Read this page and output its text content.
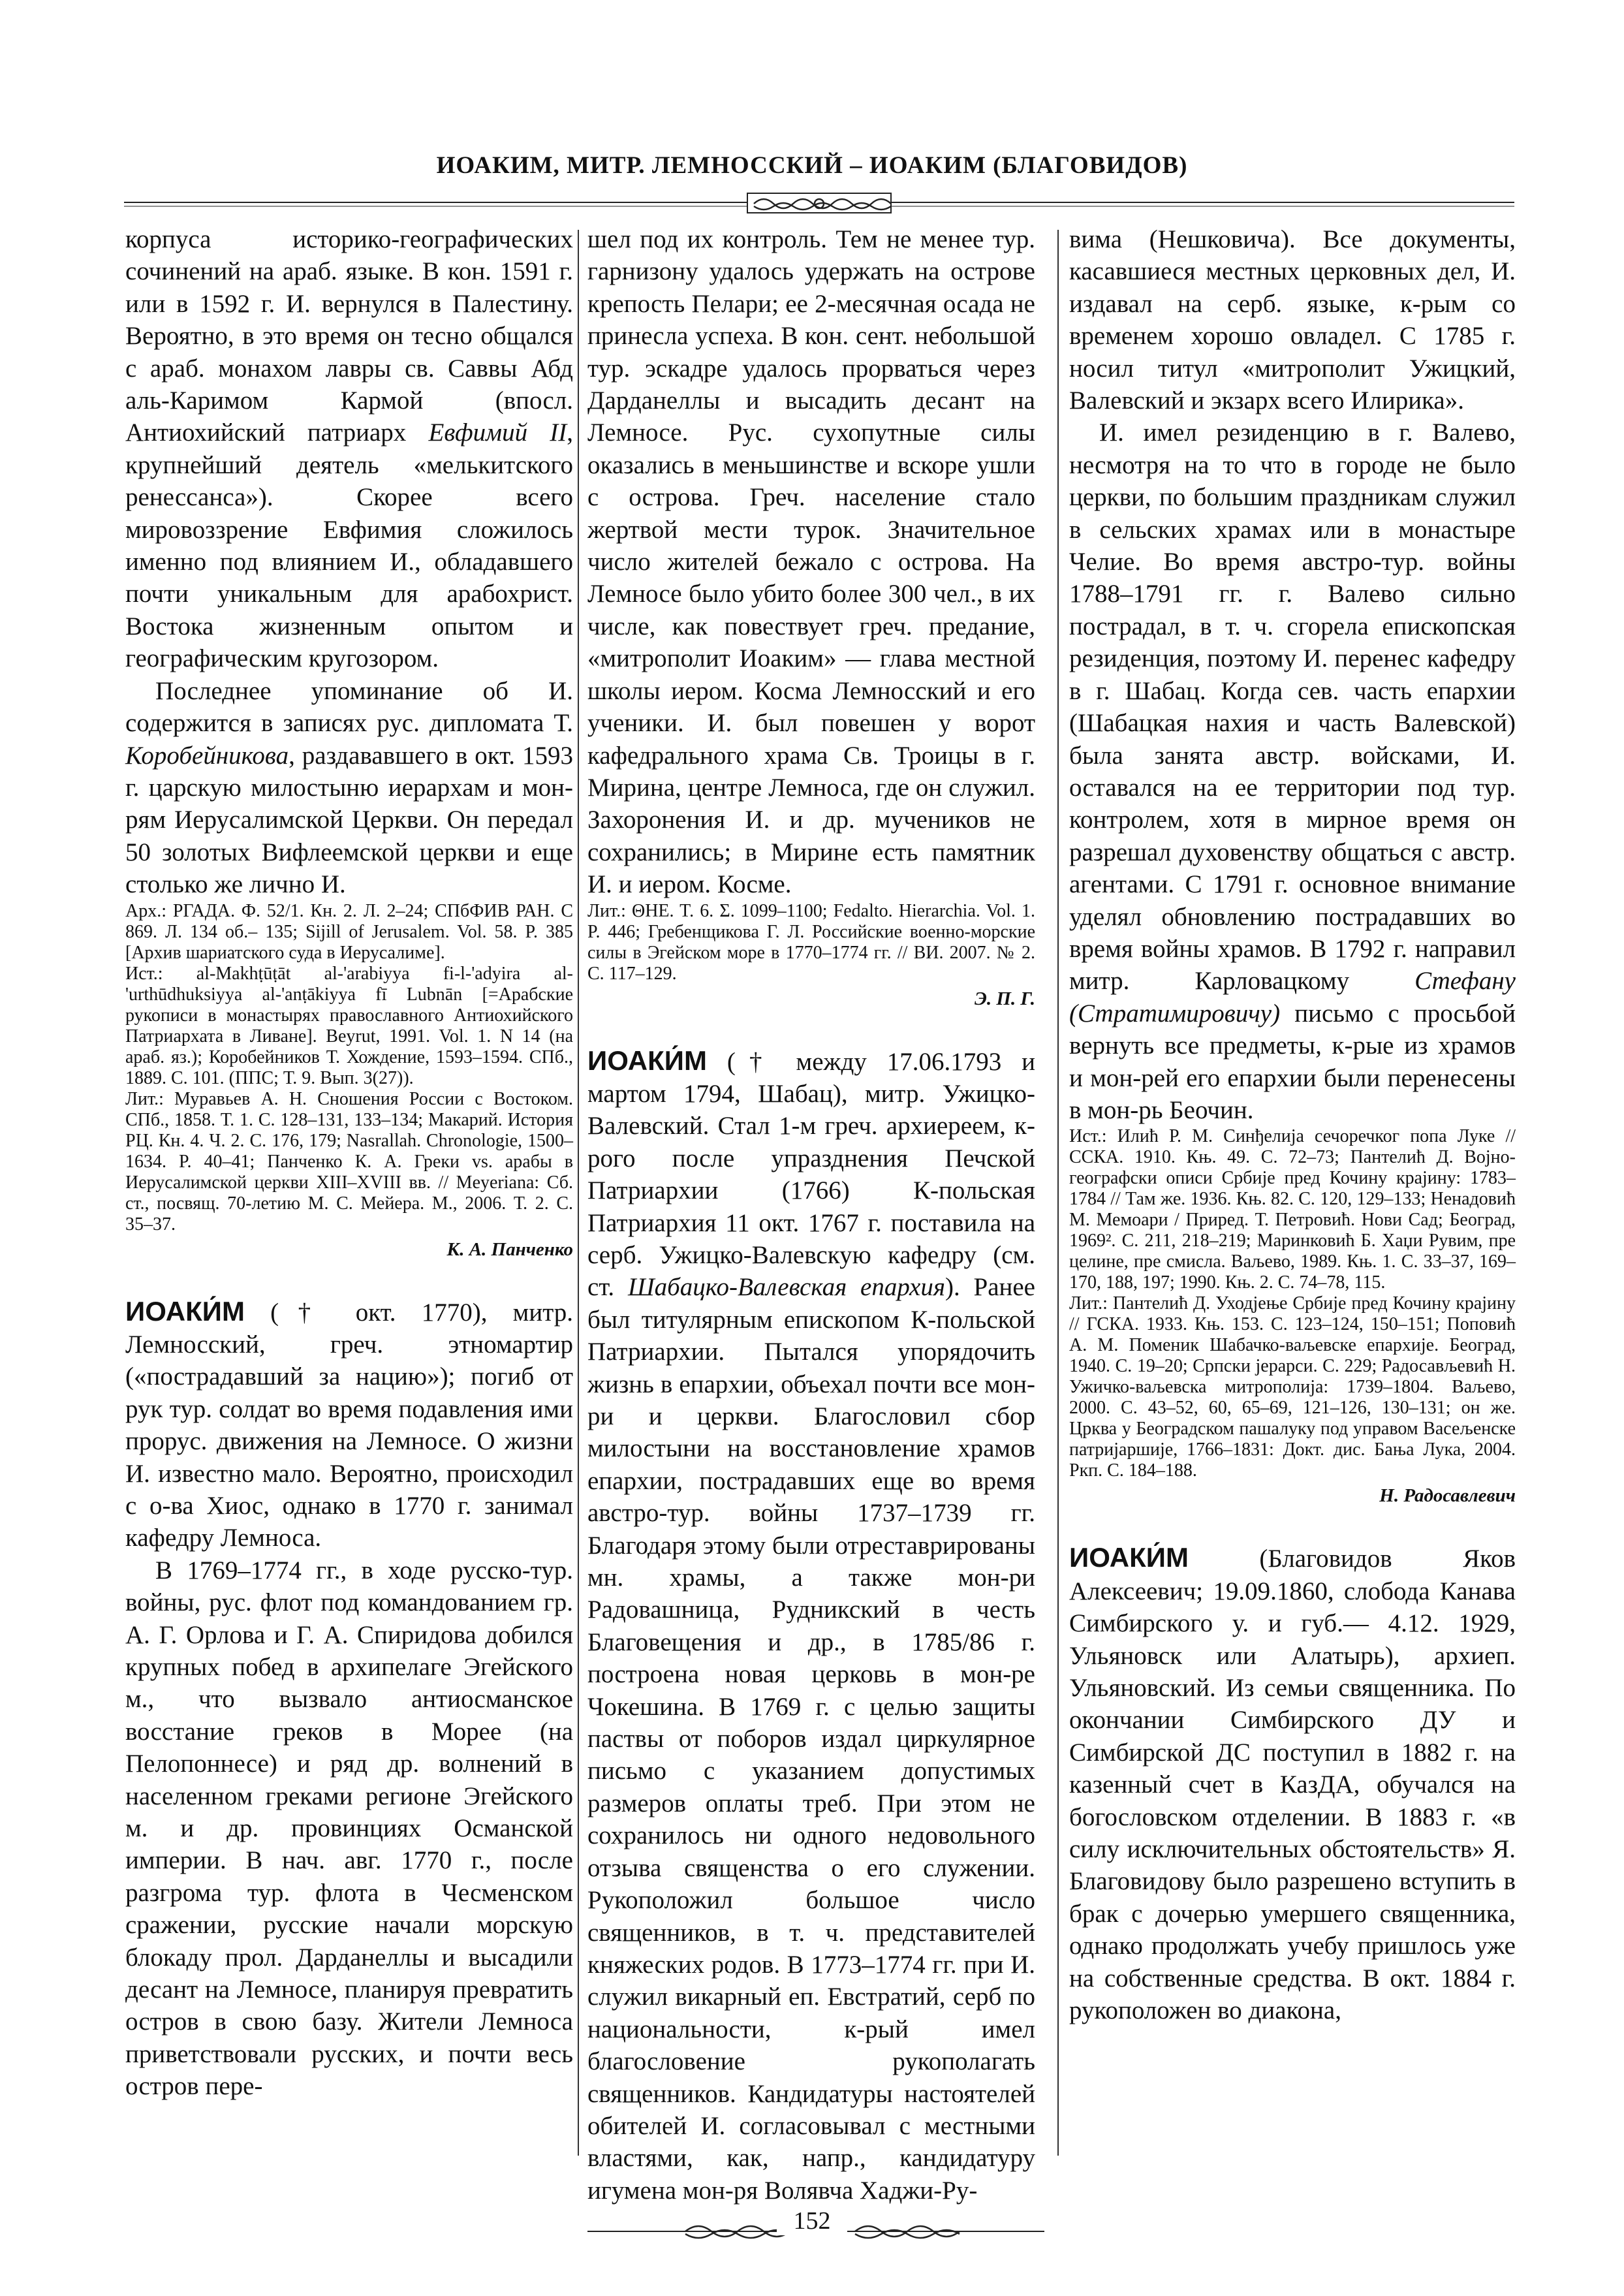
ИОАКИМ, МИТР. ЛЕМНОССКИЙ – ИОАКИМ (БЛАГОВИДОВ)

корпуса историко-географических сочинений на араб. языке. В кон. 1591 г. или в 1592 г. И. вернулся в Палестину. Вероятно, в это время он тесно общался с араб. монахом лавры св. Саввы Абд аль-Каримом Кармой (впосл. Антиохийский патриарх Евфимий II, крупнейший деятель «мелькитского ренессанса»). Скорее всего мировоззрение Евфимия сложилось именно под влиянием И., обладавшего почти уникальным для арабохрист. Востока жизненным опытом и географическим кругозором.

Последнее упоминание об И. содержится в записях рус. дипломата Т. Коробейникова, раздававшего в окт. 1593 г. царскую милостыню иерархам и мон-рям Иерусалимской Церкви. Он передал 50 золотых Вифлеемской церкви и еще столько же лично И.

Арх.: РГАДА. Ф. 52/1. Кн. 2. Л. 2–24; СПбФИВ РАН. С 869. Л. 134 об.– 135; Sijill of Jerusalem. Vol. 58. P. 385 [Архив шариатского суда в Иерусалиме].

Ист.: al-Makhṭūṭāt al-'arabiyya fi-l-'adyira al-'urthūdhuksiyya al-'anṭākiyya fī Lubnān [=Арабские рукописи в монастырях православного Антиохийского Патриархата в Ливане]. Beyrut, 1991. Vol. 1. N 14 (на араб. яз.); Коробейников Т. Хождение, 1593–1594. СПб., 1889. С. 101. (ППС; Т. 9. Вып. 3(27)).

Лит.: Муравьев А. Н. Сношения России с Востоком. СПб., 1858. Т. 1. С. 128–131, 133–134; Макарий. История РЦ. Кн. 4. Ч. 2. С. 176, 179; Nasrallah. Chronologie, 1500–1634. P. 40–41; Панченко К. А. Греки vs. арабы в Иерусалимской церкви XIII–XVIII вв. // Meyeriana: Сб. ст., посвящ. 70-летию М. С. Мейера. М., 2006. Т. 2. С. 35–37.

К. А. Панченко

ИОАКИ́М († окт. 1770), митр. Лемносский, греч. этномартир («пострадавший за нацию»); погиб от рук тур. солдат во время подавления ими прорус. движения на Лемносе. О жизни И. известно мало. Вероятно, происходил с о-ва Хиос, однако в 1770 г. занимал кафедру Лемноса.

В 1769–1774 гг., в ходе русско-тур. войны, рус. флот под командованием гр. А. Г. Орлова и Г. А. Спиридова добился крупных побед в архипелаге Эгейского м., что вызвало антиосманское восстание греков в Морее (на Пелопоннесе) и ряд др. волнений в населенном греками регионе Эгейского м. и др. провинциях Османской империи. В нач. авг. 1770 г., после разгрома тур. флота в Чесменском сражении, русские начали морскую блокаду прол. Дарданеллы и высадили десант на Лемносе, планируя превратить остров в свою базу. Жители Лемноса приветствовали русских, и почти весь остров пере-

шел под их контроль. Тем не менее тур. гарнизону удалось удержать на острове крепость Пелари; ее 2-месячная осада не принесла успеха. В кон. сент. небольшой тур. эскадре удалось прорваться через Дарданеллы и высадить десант на Лемносе. Рус. сухопутные силы оказались в меньшинстве и вскоре ушли с острова. Греч. население стало жертвой мести турок. Значительное число жителей бежало с острова. На Лемносе было убито более 300 чел., в их числе, как повествует греч. предание, «митрополит Иоаким» — глава местной школы иером. Косма Лемносский и его ученики. И. был повешен у ворот кафедрального храма Св. Троицы в г. Мирина, центре Лемноса, где он служил. Захоронения И. и др. мучеников не сохранились; в Мирине есть памятник И. и иером. Косме.

Лит.: ΘΗΕ. Τ. 6. Σ. 1099–1100; Fedalto. Hierarchia. Vol. 1. P. 446; Гребенщикова Г. Л. Российские военно-морские силы в Эгейском море в 1770–1774 гг. // ВИ. 2007. № 2. С. 117–129.

Э. П. Г.

ИОАКИ́М († между 17.06.1793 и мартом 1794, Шабац), митр. Ужицко-Валевский. Стал 1-м греч. архиереем, к-рого после упразднения Печской Патриархии (1766) К-польская Патриархия 11 окт. 1767 г. поставила на серб. Ужицко-Валевскую кафедру (см. ст. Шабацко-Валевская епархия). Ранее был титулярным епископом К-польской Патриархии. Пытался упорядочить жизнь в епархии, объехал почти все мон-ри и церкви. Благословил сбор милостыни на восстановление храмов епархии, пострадавших еще во время австро-тур. войны 1737–1739 гг. Благодаря этому были отреставрированы мн. храмы, а также мон-ри Радовашница, Рудникский в честь Благовещения и др., в 1785/86 г. построена новая церковь в мон-ре Чокешина. В 1769 г. с целью защиты паствы от поборов издал циркулярное письмо с указанием допустимых размеров оплаты треб. При этом не сохранилось ни одного недовольного отзыва священства о его служении. Рукоположил большое число священников, в т. ч. представителей княжеских родов. В 1773–1774 гг. при И. служил викарный еп. Евстратий, серб по национальности, к-рый имел благословение рукополагать священников. Кандидатуры настоятелей обителей И. согласовывал с местными властями, как, напр., кандидатуру игумена мон-ря Волявча Хаджи-Ру-

вима (Нешковича). Все документы, касавшиеся местных церковных дел, И. издавал на серб. языке, к-рым со временем хорошо овладел. С 1785 г. носил титул «митрополит Ужицкий, Валевский и экзарх всего Илирика».

И. имел резиденцию в г. Валево, несмотря на то что в городе не было церкви, по большим праздникам служил в сельских храмах или в монастыре Челие. Во время австро-тур. войны 1788–1791 гг. г. Валево сильно пострадал, в т. ч. сгорела епископская резиденция, поэтому И. перенес кафедру в г. Шабац. Когда сев. часть епархии (Шабацкая нахия и часть Валевской) была занята австр. войсками, И. оставался на ее территории под тур. контролем, хотя в мирное время он разрешал духовенству общаться с австр. агентами. С 1791 г. основное внимание уделял обновлению пострадавших во время войны храмов. В 1792 г. направил митр. Карловацкому Стефану (Стратимировичу) письмо с просьбой вернуть все предметы, к-рые из храмов и мон-рей его епархии были перенесены в мон-рь Беочин.

Ист.: Илић Р. М. Синђелија сечоречког попа Луке // ССКА. 1910. Књ. 49. С. 72–73; Пантелић Д. Војно-географски описи Србије пред Кочину крајину: 1783–1784 // Там же. 1936. Књ. 82. С. 120, 129–133; Ненадовић М. Мемоари / Приред. Т. Петровић. Нови Сад; Београд, 1969². С. 211, 218–219; Маринковић Б. Хаџи Рувим, пре целине, пре смисла. Ваљево, 1989. Књ. 1. С. 33–37, 169–170, 188, 197; 1990. Књ. 2. С. 74–78, 115.

Лит.: Пантелић Д. Уходјење Србије пред Кочину крајину // ГСКА. 1933. Књ. 153. С. 123–124, 150–151; Поповић А. М. Поменик Шабачко-ваљевске епархије. Београд, 1940. С. 19–20; Српски јерарси. С. 229; Радосављевић Н. Ужичко-ваљевска митрополија: 1739–1804. Ваљево, 2000. С. 43–52, 60, 65–69, 121–126, 130–131; он же. Црква у Београдском пашалуку под управом Васељенске патријаршије, 1766–1831: Докт. дис. Бања Лука, 2004. Ркп. С. 184–188.

Н. Радосавлевич

ИОАКИ́М (Благовидов Яков Алексеевич; 19.09.1860, слобода Канава Симбирского у. и губ.— 4.12. 1929, Ульяновск или Алатырь), архиеп. Ульяновский. Из семьи священника. По окончании Симбирского ДУ и Симбирской ДС поступил в 1882 г. на казенный счет в КазДА, обучался на богословском отделении. В 1883 г. «в силу исключительных обстоятельств» Я. Благовидову было разрешено вступить в брак с дочерью умершего священника, однако продолжать учебу пришлось уже на собственные средства. В окт. 1884 г. рукоположен во диакона,

152
